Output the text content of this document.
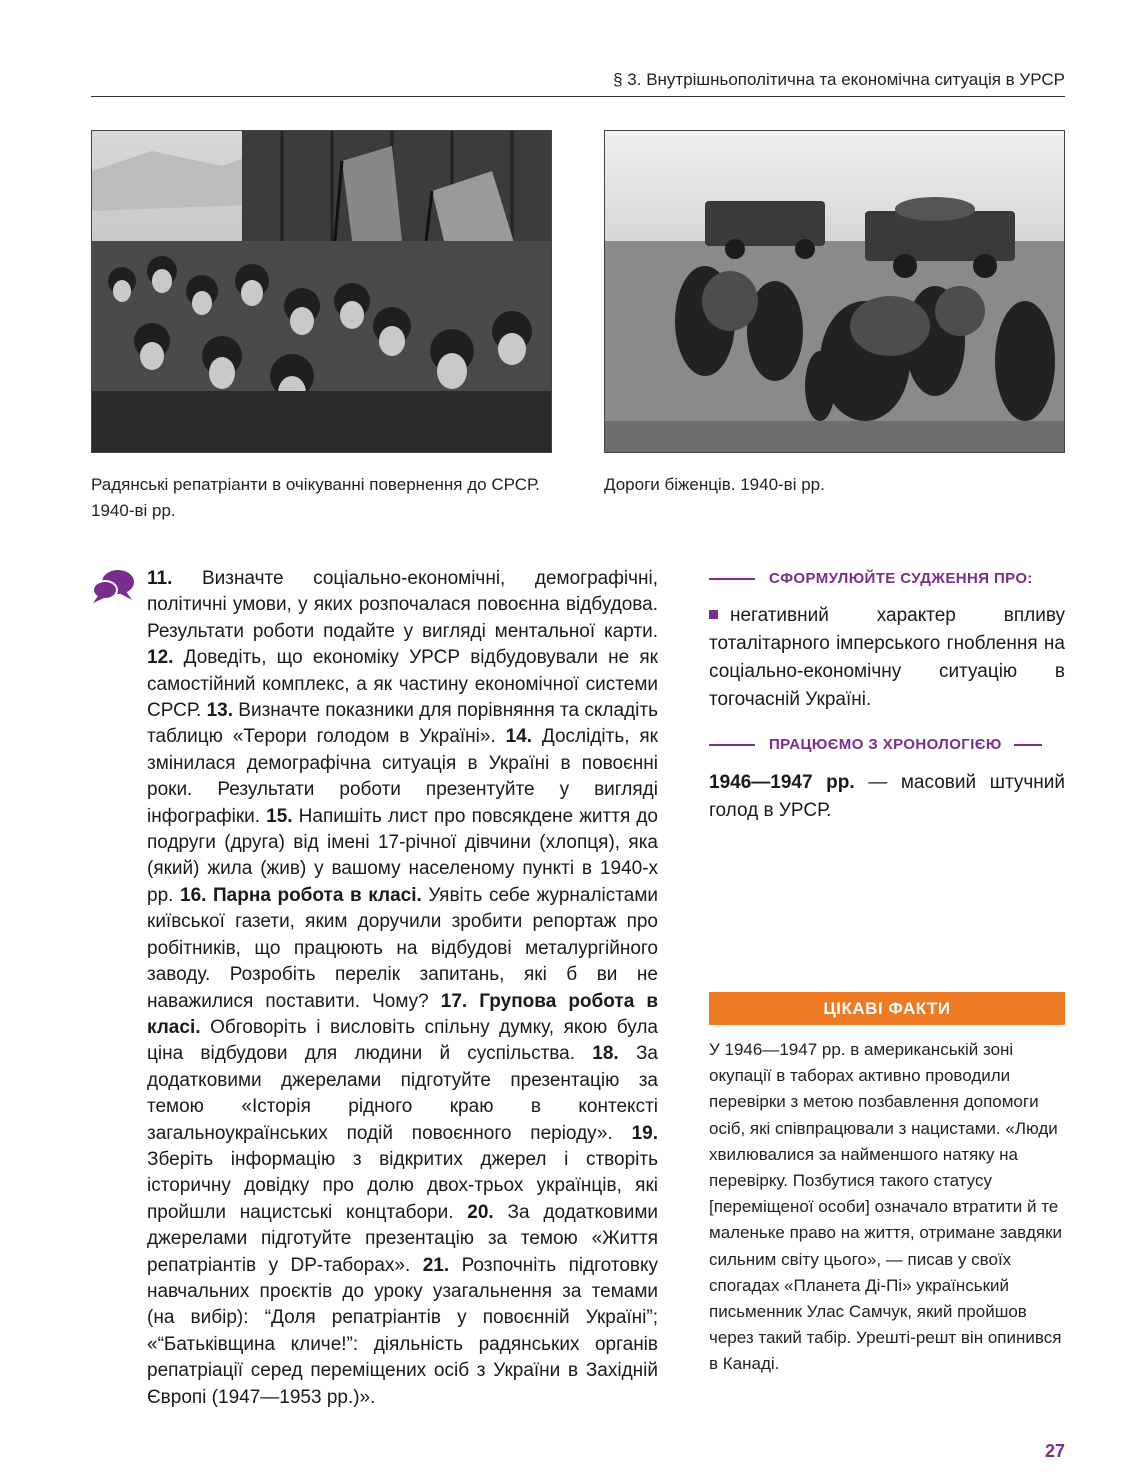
§ 3. Внутрішньополітична та економічна ситуація в УРСР
Радянські репатріанти в очікуванні повернення до СРСР. 1940-ві рр.
Дороги біженців. 1940-ві рр.
11. Визначте соціально-економічні, демографічні, політичні умови, у яких розпочалася повоєнна відбудова. Результати роботи подайте у вигляді ментальної карти. 12. Доведіть, що економіку УРСР відбудовували не як самостійний комплекс, а як частину економічної системи СРСР. 13. Визначте показники для порівняння та складіть таблицю «Терори голодом в Україні». 14. Дослідіть, як змінилася демографічна ситуація в Україні в повоєнні роки. Результати роботи презентуйте у вигляді інфографіки. 15. Напишіть лист про повсякдене життя до подруги (друга) від імені 17-річної дівчини (хлопця), яка (який) жила (жив) у вашому населеному пункті в 1940-х рр. 16. Парна робота в класі. Уявіть себе журналістами київської газети, яким доручили зробити репортаж про робітників, що працюють на відбудові металургійного заводу. Розробіть перелік запитань, які б ви не наважилися поставити. Чому? 17. Групова робота в класі. Обговоріть і висловіть спільну думку, якою була ціна відбудови для людини й суспільства. 18. За додатковими джерелами підготуйте презентацію за темою «Історія рідного краю в контексті загальноукраїнських подій повоєнного періоду». 19. Зберіть інформацію з відкритих джерел і створіть історичну довідку про долю двох-трьох українців, які пройшли нацистські концтабори. 20. За додатковими джерелами підготуйте презентацію за темою «Життя репатріантів у DP-таборах». 21. Розпочніть підготовку навчальних проєктів до уроку узагальнення за темами (на вибір): “Доля репатріантів у повоєнній Україні”; «“Батьківщина кличе!”: діяльність радянських органів репатріації серед переміщених осіб з України в Західній Європі (1947—1953 рр.)».
СФОРМУЛЮЙТЕ СУДЖЕННЯ ПРО:
негативний характер впливу тоталітарного імперського гноблення на соціально-економічну ситуацію в тогочасній Україні.
ПРАЦЮЄМО З ХРОНОЛОГІЄЮ
1946—1947 рр. — масовий штучний голод в УРСР.
ЦІКАВІ ФАКТИ
У 1946—1947 рр. в американській зоні окупації в таборах активно проводили перевірки з метою позбавлення допомоги осіб, які співпрацювали з нацистами. «Люди хвилювалися за найменшого натяку на перевірку. Позбутися такого статусу [переміщеної особи] означало втратити й те маленьке право на життя, отримане завдяки сильним світу цього», — писав у своїх спогадах «Планета Ді-Пі» український письменник Улас Самчук, який пройшов через такий табір. Урешті-решт він опинився в Канаді.
27
